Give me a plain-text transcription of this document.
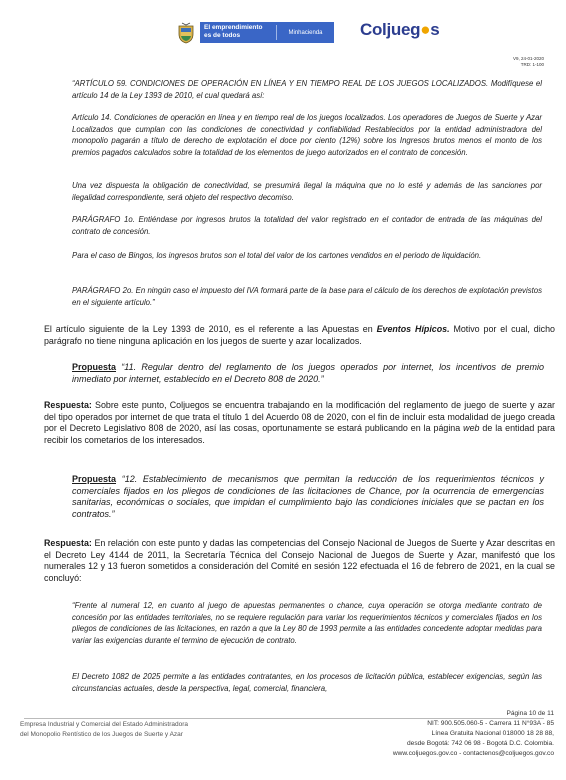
El emprendimiento
es de todos	Minhacienda	Coljueg●s
V9, 24-01-2020
TRD: 1-100

“ARTÍCULO 59. CONDICIONES DE OPERACIÓN EN LÍNEA Y EN TIEMPO REAL DE LOS JUEGOS LOCALIZADOS. Modifíquese el artículo 14 de la Ley 1393 de 2010, el cual quedará así:

Artículo 14. Condiciones de operación en línea y en tiempo real de los juegos localizados. Los operadores de Juegos de Suerte y Azar Localizados que cumplan con las condiciones de conectividad y confiabilidad Restablecidos por la entidad administradora del monopolio pagarán a título de derecho de explotación el doce por ciento (12%) sobre los Ingresos brutos menos el monto de los premios pagados calculados sobre la totalidad de los elementos de juego autorizados en el contrato de concesión.

Una vez dispuesta la obligación de conectividad, se presumirá ilegal la máquina que no lo esté y además de las sanciones por ilegalidad correspondiente, será objeto del respectivo decomiso.

PARÁGRAFO 1o. Entiéndase por ingresos brutos la totalidad del valor registrado en el contador de entrada de las máquinas del contrato de concesión.

Para el caso de Bingos, los ingresos brutos son el total del valor de los cartones vendidos en el periodo de liquidación.

PARÁGRAFO 2o. En ningún caso el impuesto del IVA formará parte de la base para el cálculo de los derechos de explotación previstos en el siguiente artículo.”

El artículo siguiente de la Ley 1393 de 2010, es el referente a las Apuestas en Eventos Hípicos. Motivo por el cual, dicho parágrafo no tiene ninguna aplicación en los juegos de suerte y azar localizados.

Propuesta “11. Regular dentro del reglamento de los juegos operados por internet, los incentivos de premio inmediato por internet, establecido en el Decreto 808 de 2020.”

Respuesta: Sobre este punto, Coljuegos se encuentra trabajando en la modificación del reglamento de juego de suerte y azar del tipo operados por internet de que trata el título 1 del Acuerdo 08 de 2020, con el fin de incluir esta modalidad de juego creada por el Decreto Legislativo 808 de 2020, así las cosas, oportunamente se estará publicando en la página web de la entidad para recibir los cometarios de los interesados.

Propuesta “12. Establecimiento de mecanismos que permitan la reducción de los requerimientos técnicos y comerciales fijados en los pliegos de condiciones de las licitaciones de Chance, por la ocurrencia de emergencias sanitarias, económicas o sociales, que impidan el cumplimiento bajo las condiciones iniciales que se pactan en los contratos.”

Respuesta: En relación con este punto y dadas las competencias del Consejo Nacional de Juegos de Suerte y Azar descritas en el Decreto Ley 4144 de 2011, la Secretaría Técnica del Consejo Nacional de Juegos de Suerte y Azar, manifestó que los numerales 12 y 13 fueron sometidos a consideración del Comité en sesión 122 efectuada el 16 de febrero de 2021, en la cual se concluyó:

“Frente al numeral 12, en cuanto al juego de apuestas permanentes o chance, cuya operación se otorga mediante contrato de concesión por las entidades territoriales, no se requiere regulación para variar los requerimientos técnicos y comerciales fijados en los pliegos de condiciones de las licitaciones, en razón a que la Ley 80 de 1993 permite a las entidades concedente adoptar medidas para variar las exigencias durante el termino de ejecución de contrato.

El Decreto 1082 de 2025 permite a las entidades contratantes, en los procesos de licitación pública, establecer exigencias, según las circunstancias actuales, desde la perspectiva, legal, comercial, financiera,

Empresa Industrial y Comercial del Estado Administradora
del Monopolio Rentístico de los Juegos de Suerte y Azar
Página 10 de 11
NIT: 900.505.060-5 - Carrera 11 N°93A - 85
Línea Gratuita Nacional 018000 18 28 88,
desde Bogotá: 742 06 98 - Bogotá D.C. Colombia.
www.coljuegos.gov.co - contactenos@coljuegos.gov.co
